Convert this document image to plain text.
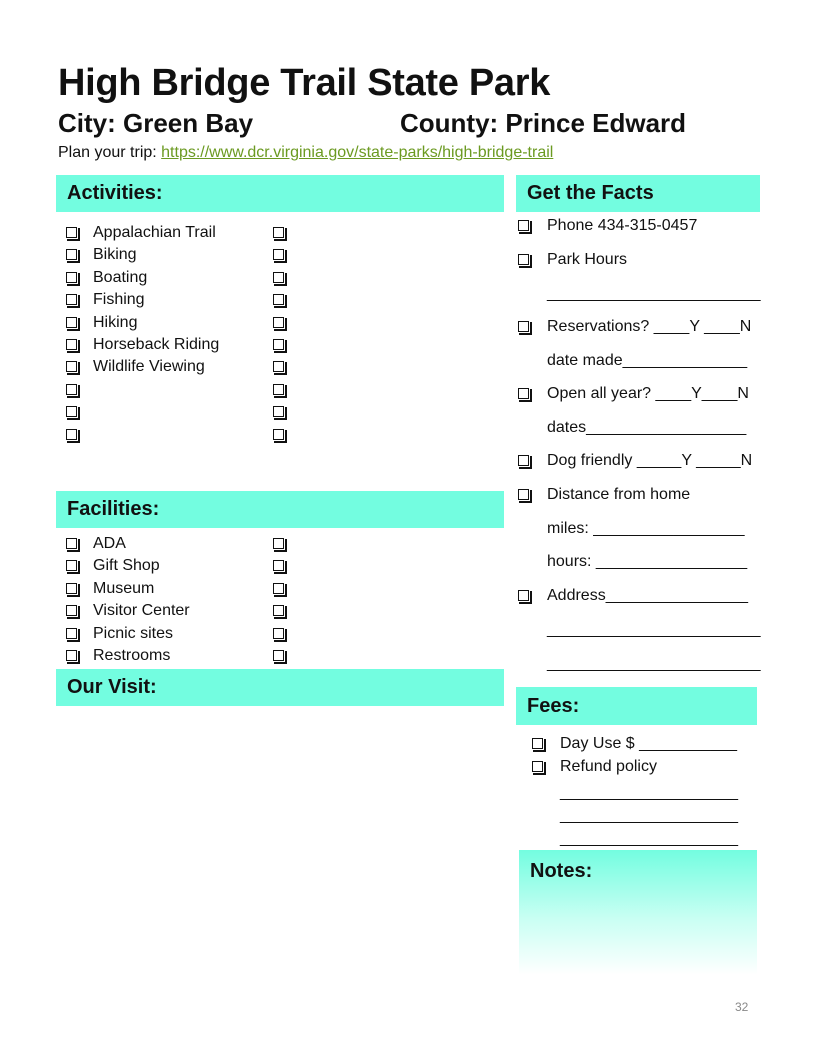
High Bridge Trail State Park
City: Green Bay	County: Prince Edward
Plan your trip: https://www.dcr.virginia.gov/state-parks/high-bridge-trail
Activities:
Appalachian Trail
Biking
Boating
Fishing
Hiking
Horseback Riding
Wildlife Viewing
Facilities:
ADA
Gift Shop
Museum
Visitor Center
Picnic sites
Restrooms
Our Visit:
Get the Facts
Phone 434-315-0457
Park Hours
________________________
Reservations? ____Y ____N
date made______________
Open all year? ____Y____N
dates__________________
Dog friendly _____Y _____N
Distance from home
miles: _________________
hours: _________________
Address________________
________________________
________________________
Fees:
Day Use $ ___________
Refund policy
____________________
____________________
____________________
Notes:
32
